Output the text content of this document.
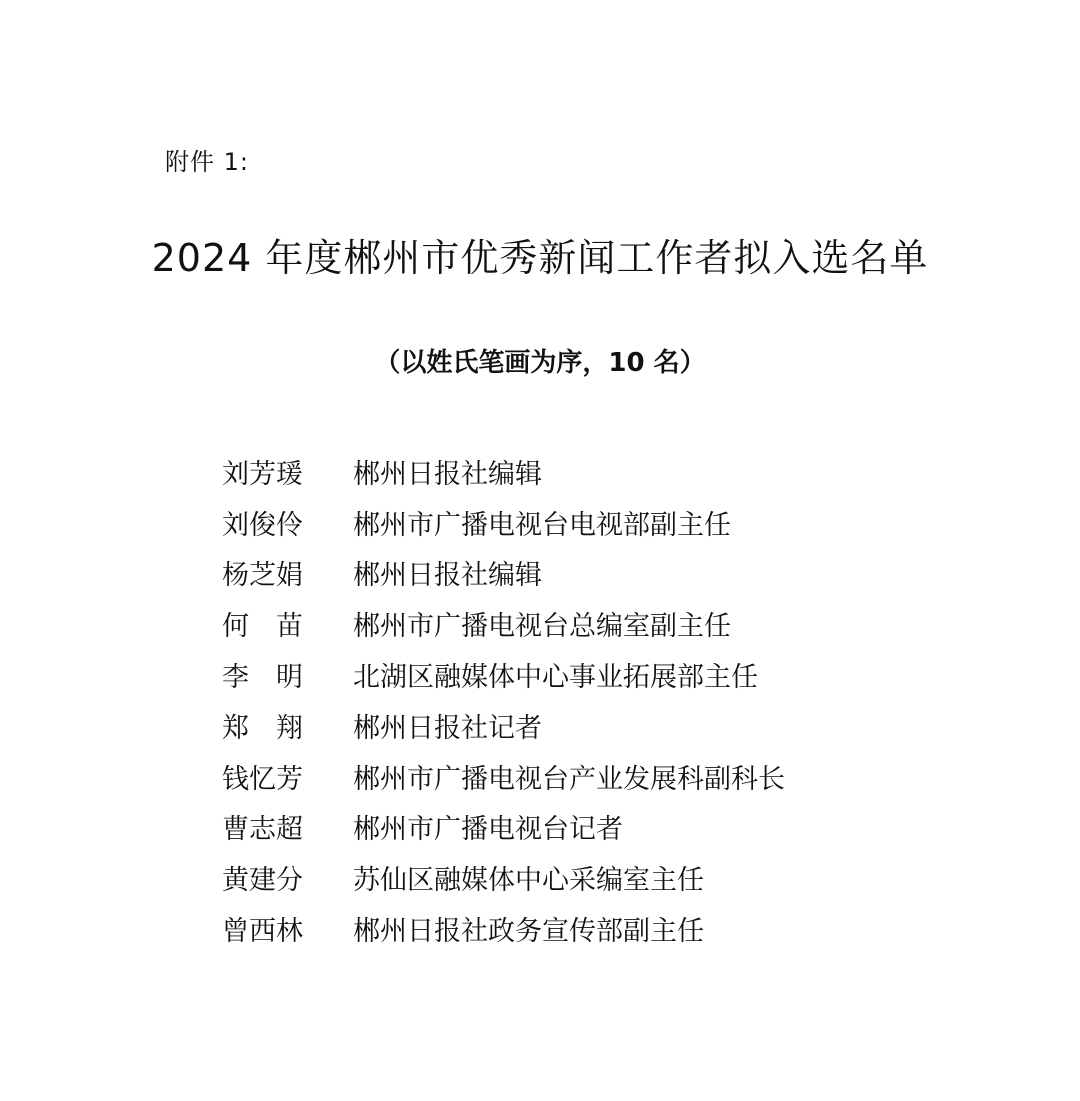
附件 1:
2024 年度郴州市优秀新闻工作者拟入选名单
（以姓氏笔画为序，10 名）
刘芳瑗	郴州日报社编辑
刘俊伶	郴州市广播电视台电视部副主任
杨芝娟	郴州日报社编辑
何　苗	郴州市广播电视台总编室副主任
李　明	北湖区融媒体中心事业拓展部主任
郑　翔	郴州日报社记者
钱忆芳	郴州市广播电视台产业发展科副科长
曹志超	郴州市广播电视台记者
黄建分	苏仙区融媒体中心采编室主任
曾西林	郴州日报社政务宣传部副主任
